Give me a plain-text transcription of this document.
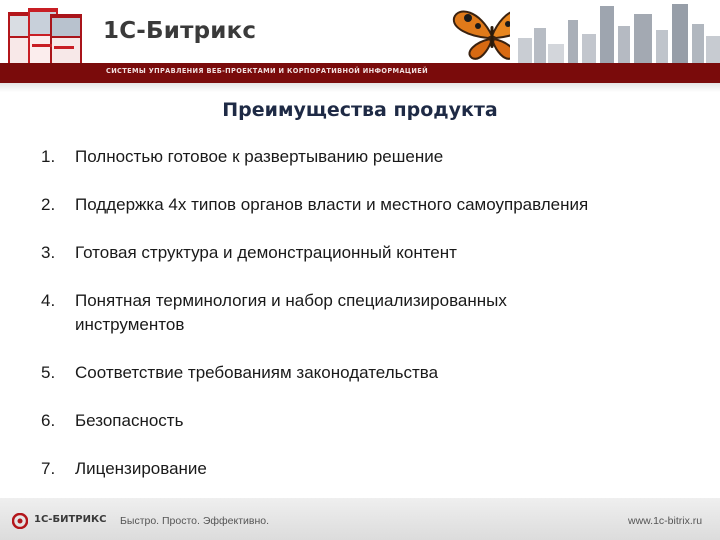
1С-Битрикс
СИСТЕМЫ УПРАВЛЕНИЯ ВЕБ-ПРОЕКТАМИ И КОРПОРАТИВНОЙ ИНФОРМАЦИЕЙ
Преимущества продукта
1.	Полностью готовое к развертыванию решение
2.	Поддержка 4х типов органов власти и местного самоуправления
3.	Готовая структура и демонстрационный контент
4.	Понятная терминология и набор специализированных
инструментов
5.	Соответствие требованиям законодательства
6.	Безопасность
7.	Лицензирование
1С-БИТРИКС Быстро. Просто. Эффективно.	www.1c-bitrix.ru
